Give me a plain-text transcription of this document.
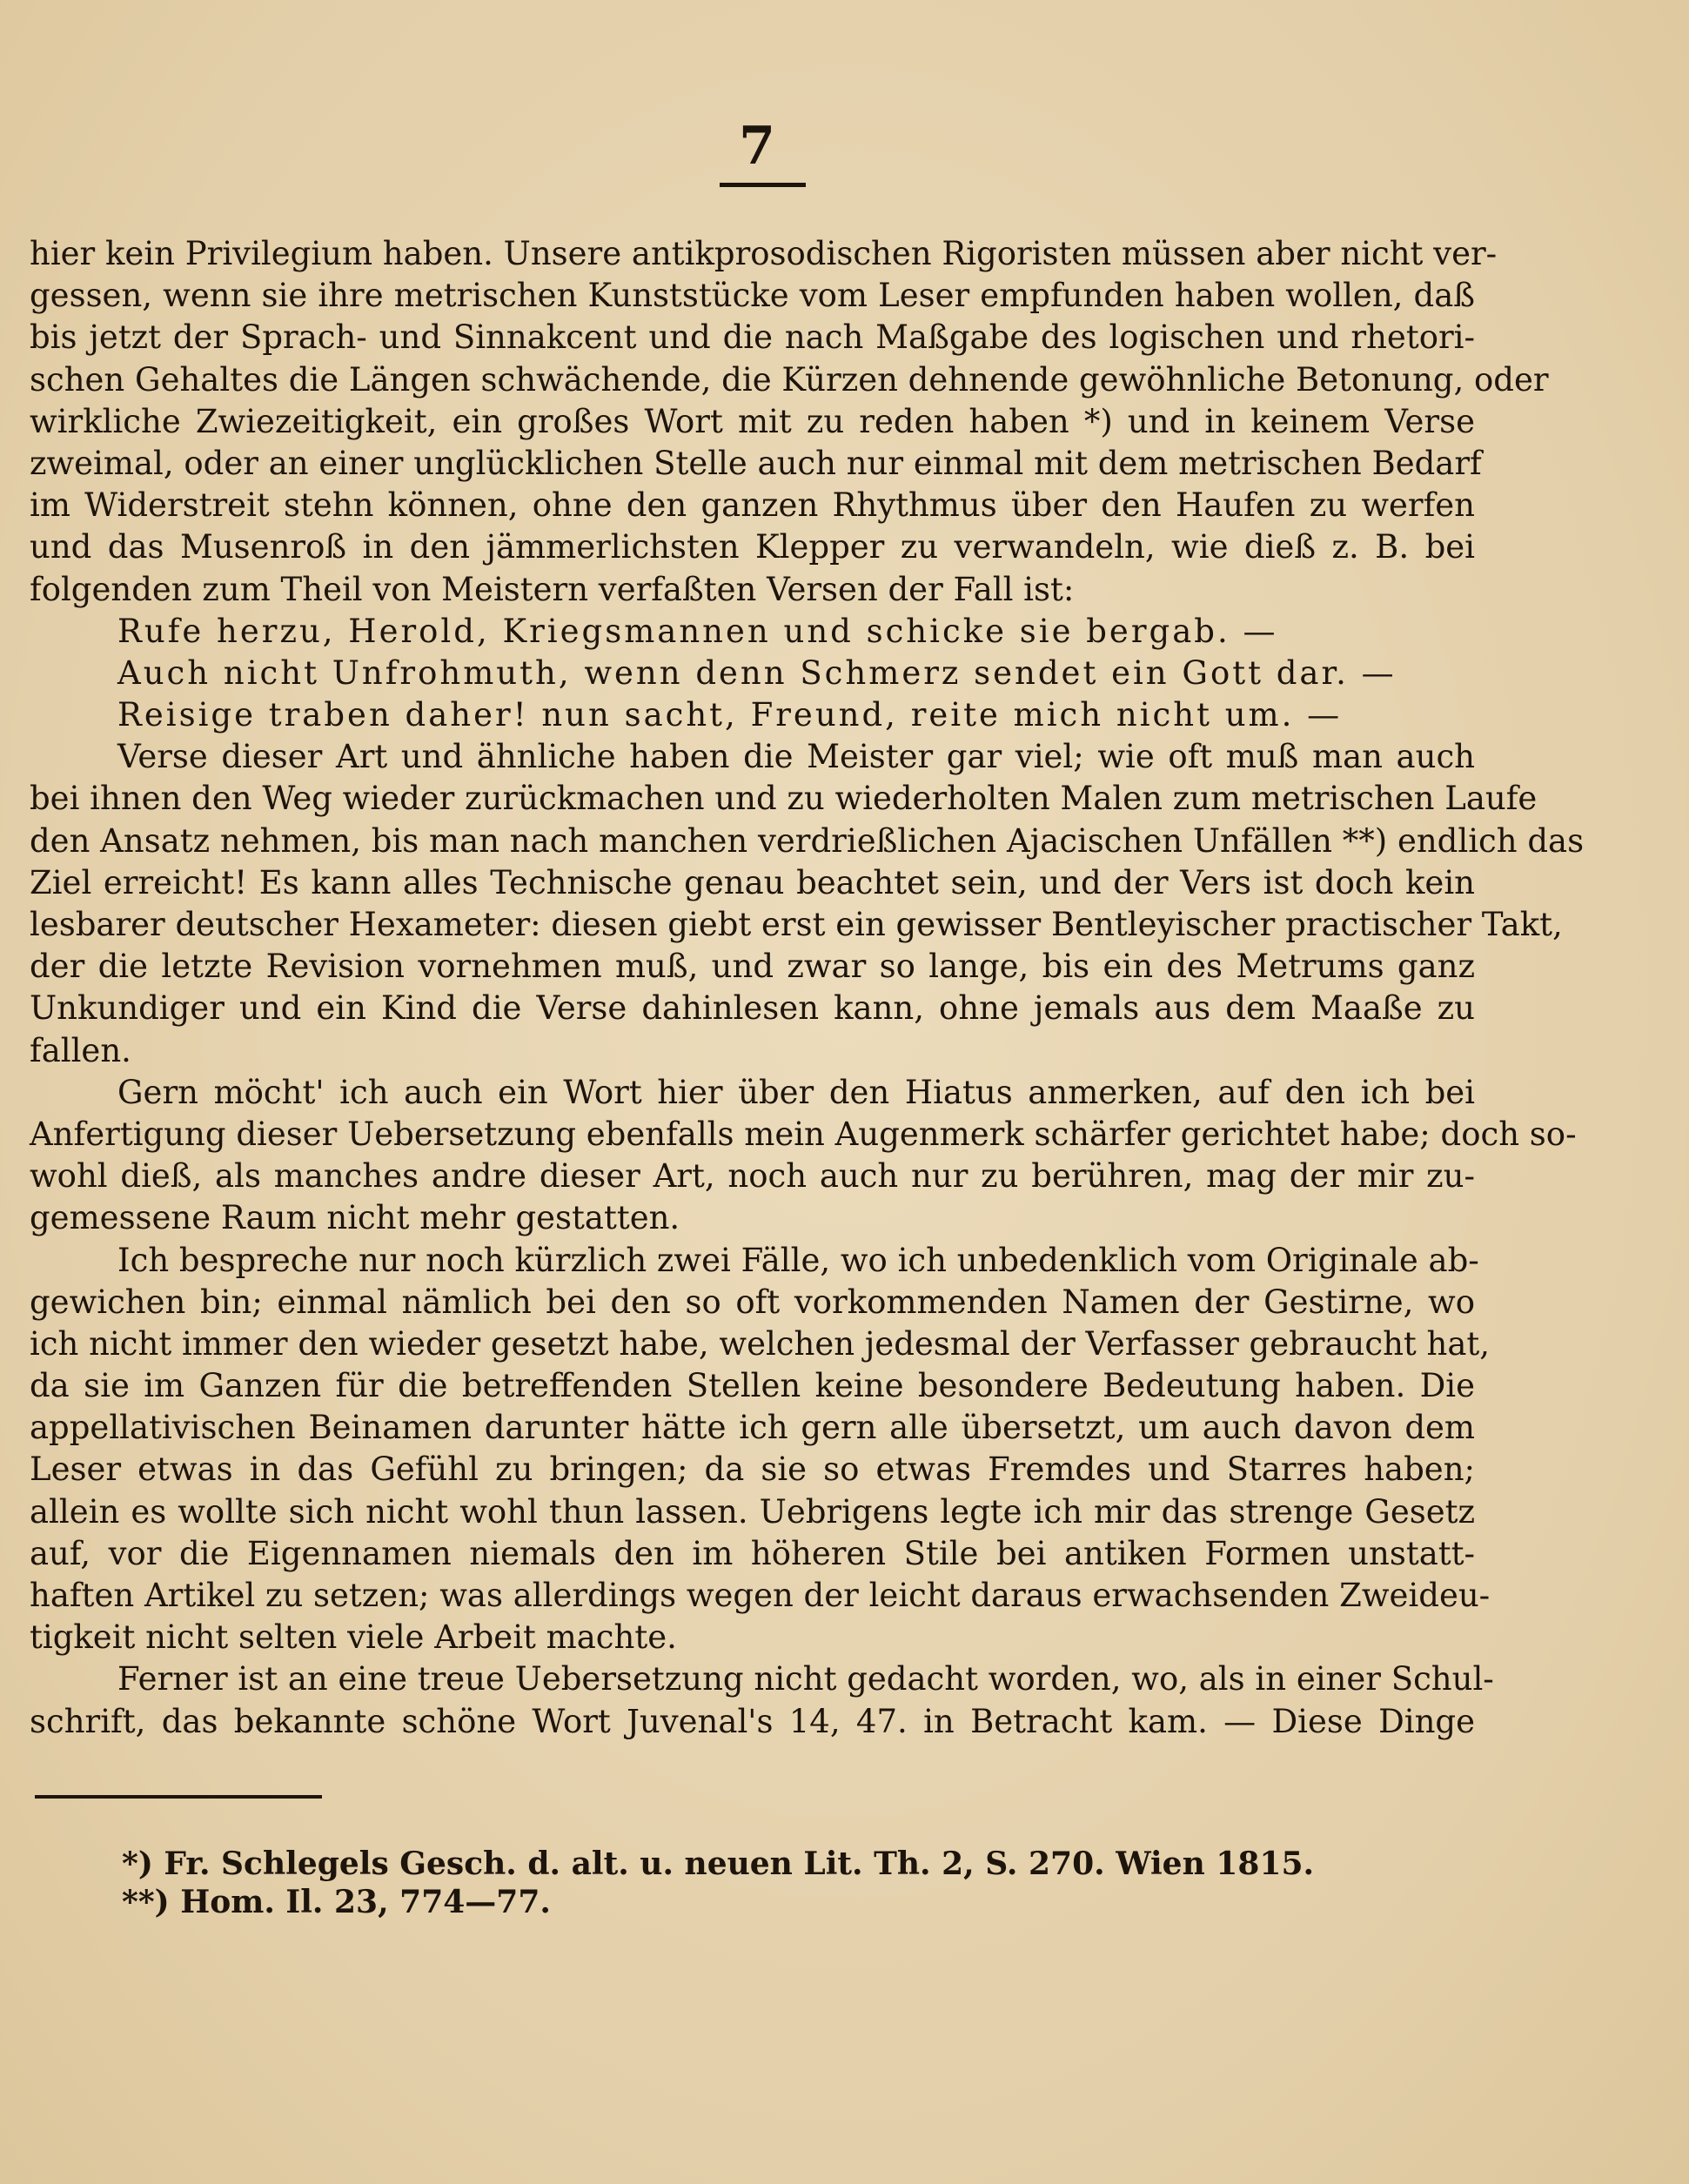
7
hier kein Privilegium haben. Unsere antikprosodischen Rigoristen müssen aber nicht ver-
gessen, wenn sie ihre metrischen Kunststücke vom Leser empfunden haben wollen, daß
bis jetzt der Sprach- und Sinnakcent und die nach Maßgabe des logischen und rhetori-
schen Gehaltes die Längen schwächende, die Kürzen dehnende gewöhnliche Betonung, oder
wirkliche Zwiezeitigkeit, ein großes Wort mit zu reden haben *) und in keinem Verse
zweimal, oder an einer unglücklichen Stelle auch nur einmal mit dem metrischen Bedarf
im Widerstreit stehn können, ohne den ganzen Rhythmus über den Haufen zu werfen
und das Musenroß in den jämmerlichsten Klepper zu verwandeln, wie dieß z. B. bei
folgenden zum Theil von Meistern verfaßten Versen der Fall ist:
Rufe herzu, Herold, Kriegsmannen und schicke sie bergab. —
Auch nicht Unfrohmuth, wenn denn Schmerz sendet ein Gott dar. —
Reisige traben daher! nun sacht, Freund, reite mich nicht um. —
Verse dieser Art und ähnliche haben die Meister gar viel; wie oft muß man auch
bei ihnen den Weg wieder zurückmachen und zu wiederholten Malen zum metrischen Laufe
den Ansatz nehmen, bis man nach manchen verdrießlichen Ajacischen Unfällen **) endlich das
Ziel erreicht! Es kann alles Technische genau beachtet sein, und der Vers ist doch kein
lesbarer deutscher Hexameter: diesen giebt erst ein gewisser Bentleyischer practischer Takt,
der die letzte Revision vornehmen muß, und zwar so lange, bis ein des Metrums ganz
Unkundiger und ein Kind die Verse dahinlesen kann, ohne jemals aus dem Maaße zu
fallen.
Gern möcht' ich auch ein Wort hier über den Hiatus anmerken, auf den ich bei
Anfertigung dieser Uebersetzung ebenfalls mein Augenmerk schärfer gerichtet habe; doch so-
wohl dieß, als manches andre dieser Art, noch auch nur zu berühren, mag der mir zu-
gemessene Raum nicht mehr gestatten.
Ich bespreche nur noch kürzlich zwei Fälle, wo ich unbedenklich vom Originale ab-
gewichen bin; einmal nämlich bei den so oft vorkommenden Namen der Gestirne, wo
ich nicht immer den wieder gesetzt habe, welchen jedesmal der Verfasser gebraucht hat,
da sie im Ganzen für die betreffenden Stellen keine besondere Bedeutung haben. Die
appellativischen Beinamen darunter hätte ich gern alle übersetzt, um auch davon dem
Leser etwas in das Gefühl zu bringen; da sie so etwas Fremdes und Starres haben;
allein es wollte sich nicht wohl thun lassen. Uebrigens legte ich mir das strenge Gesetz
auf, vor die Eigennamen niemals den im höheren Stile bei antiken Formen unstatt-
haften Artikel zu setzen; was allerdings wegen der leicht daraus erwachsenden Zweideu-
tigkeit nicht selten viele Arbeit machte.
Ferner ist an eine treue Uebersetzung nicht gedacht worden, wo, als in einer Schul-
schrift, das bekannte schöne Wort Juvenal's 14, 47. in Betracht kam. — Diese Dinge
*) Fr. Schlegels Gesch. d. alt. u. neuen Lit. Th. 2, S. 270. Wien 1815.
**) Hom. Il. 23, 774—77.
